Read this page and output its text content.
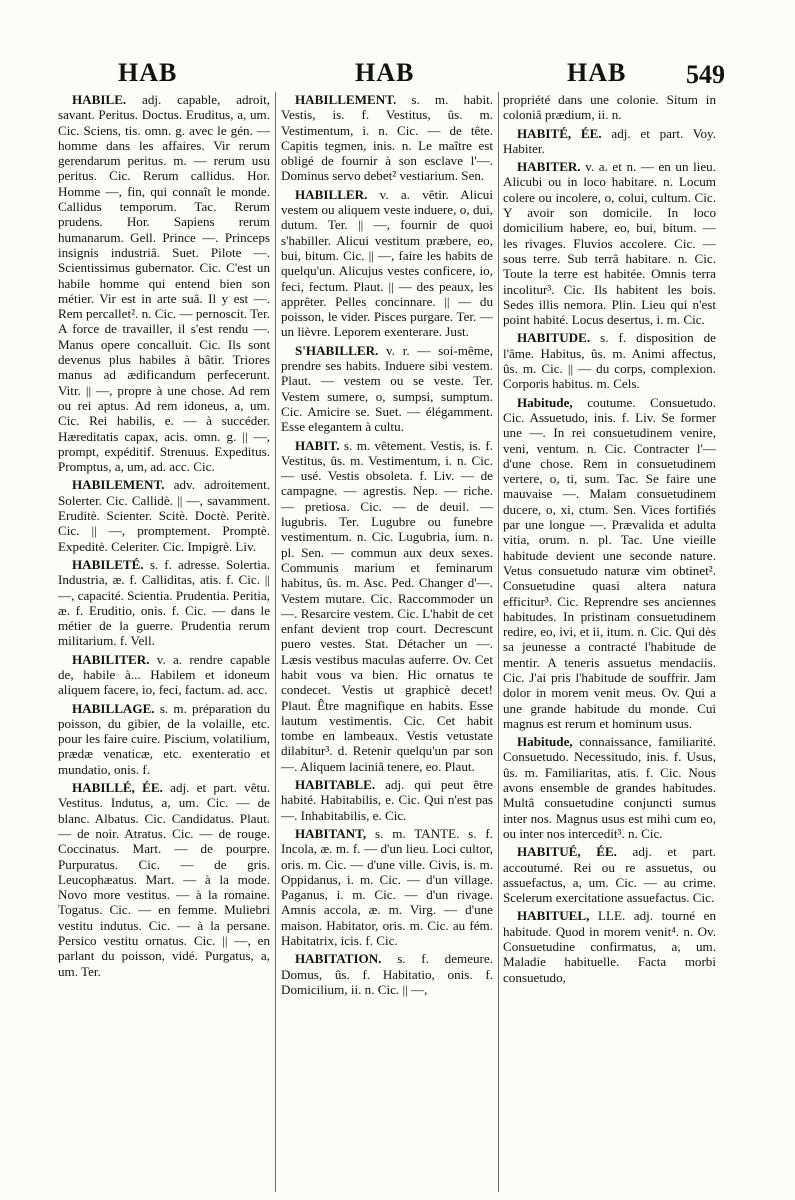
HAB	HAB	HAB 549

HABILE. adj. capable, adroit, savant. Peritus. Doctus. Eruditus, a, um. Cic. Sciens, tis. omn. g. avec le gén. — homme dans les affaires. Vir rerum gerendarum peritus. m. — rerum usu peritus. Cic. Rerum callidus. Hor. Homme —, fin, qui connaît le monde. Callidus temporum. Tac. Rerum prudens. Hor. Sapiens rerum humanarum. Gell. Prince —. Princeps insignis industriâ. Suet. Pilote —. Scientissimus gubernator. Cic. C'est un habile homme qui entend bien son métier. Vir est in arte suâ. Il y est —. Rem percallet². n. Cic. — pernoscit. Ter. A force de travailler, il s'est rendu —. Manus opere concalluit. Cic. Ils sont devenus plus habiles à bâtir. Triores manus ad ædificandum perfecerunt. Vitr. || —, propre à une chose. Ad rem ou rei aptus. Ad rem idoneus, a, um. Cic. Rei habilis, e. — à succéder. Hæreditatis capax, acis. omn. g. || —, prompt, expéditif. Strenuus. Expeditus. Promptus, a, um, ad. acc. Cic.

HABILEMENT. adv. adroitement. Solerter. Cic. Callidè. || —, savamment. Eruditè. Scienter. Scitè. Doctè. Peritè. Cic. || —, promptement. Promptè. Expeditè. Celeriter. Cic. Impigrè. Liv.

HABILETÉ. s. f. adresse. Solertia. Industria, æ. f. Calliditas, atis. f. Cic. || —, capacité. Scientia. Prudentia. Peritia, æ. f. Eruditio, onis. f. Cic. — dans le métier de la guerre. Prudentia rerum militarium. f. Vell.

HABILITER. v. a. rendre capable de, habile à... Habilem et idoneum aliquem facere, io, feci, factum. ad. acc.

HABILLAGE. s. m. préparation du poisson, du gibier, de la volaille, etc. pour les faire cuire. Piscium, volatilium, prædæ venaticæ, etc. exenteratio et mundatio, onis. f.

HABILLÉ, ÉE. adj. et part. vêtu. Vestitus. Indutus, a, um. Cic. — de blanc. Albatus. Cic. Candidatus. Plaut. — de noir. Atratus. Cic. — de rouge. Coccinatus. Mart. — de pourpre. Purpuratus. Cic. — de gris. Leucophæatus. Mart. — à la mode. Novo more vestitus. — à la romaine. Togatus. Cic. — en femme. Muliebri vestitu indutus. Cic. — à la persane. Persico vestitu ornatus. Cic. || —, en parlant du poisson, vidé. Purgatus, a, um. Ter.

HABILLEMENT. s. m. habit. Vestis, is. f. Vestitus, ûs. m. Vestimentum, i. n. Cic. — de tête. Capitis tegmen, inis. n. Le maître est obligé de fournir à son esclave l'—. Dominus servo debet² vestiarium. Sen.

HABILLER. v. a. vêtir. Alicui vestem ou aliquem veste induere, o, dui, dutum. Ter. || —, fournir de quoi s'habiller. Alicui vestitum præbere, eo, bui, bitum. Cic. || —, faire les habits de quelqu'un. Alicujus vestes conficere, io, feci, fectum. Plaut. || — des peaux, les apprêter. Pelles concinnare. || — du poisson, le vider. Pisces purgare. Ter. — un lièvre. Leporem exenterare. Just.

S'HABILLER. v. r. — soi-même, prendre ses habits. Induere sibi vestem. Plaut. — vestem ou se veste. Ter. Vestem sumere, o, sumpsi, sumptum. Cic. Amicire se. Suet. — élégamment. Esse elegantem à cultu.

HABIT. s. m. vêtement. Vestis, is. f. Vestitus, ûs. m. Vestimentum, i. n. Cic. — usé. Vestis obsoleta. f. Liv. — de campagne. — agrestis. Nep. — riche. — pretiosa. Cic. — de deuil. — lugubris. Ter. Lugubre ou funebre vestimentum. n. Cic. Lugubria, ium. n. pl. Sen. — commun aux deux sexes. Communis marium et feminarum habitus, ûs. m. Asc. Ped. Changer d'—. Vestem mutare. Cic. Raccommoder un —. Resarcire vestem. Cic. L'habit de cet enfant devient trop court. Decrescunt puero vestes. Stat. Détacher un —. Læsis vestibus maculas auferre. Ov. Cet habit vous va bien. Hic ornatus te condecet. Vestis ut graphicè decet! Plaut. Être magnifique en habits. Esse lautum vestimentis. Cic. Cet habit tombe en lambeaux. Vestis vetustate dilabitur³. d. Retenir quelqu'un par son —. Aliquem laciniâ tenere, eo. Plaut.

HABITABLE. adj. qui peut être habité. Habitabilis, e. Cic. Qui n'est pas —. Inhabitabilis, e. Cic.

HABITANT, s. m. TANTE. s. f. Incola, æ. m. f. — d'un lieu. Loci cultor, oris. m. Cic. — d'une ville. Civis, is. m. Oppidanus, i. m. Cic. — d'un village. Paganus, i. m. Cic. — d'un rivage. Amnis accola, æ. m. Virg. — d'une maison. Habitator, oris. m. Cic. au fém. Habitatrix, icis. f. Cic.

HABITATION. s. f. demeure. Domus, ûs. f. Habitatio, onis. f. Domicilium, ii. n. Cic. || —,

propriété dans une colonie. Situm in coloniâ prædium, ii. n.

HABITÉ, ÉE. adj. et part. Voy. Habiter.

HABITER. v. a. et n. — en un lieu. Alicubi ou in loco habitare. n. Locum colere ou incolere, o, colui, cultum. Cic. Y avoir son domicile. In loco domicilium habere, eo, bui, bitum. — les rivages. Fluvios accolere. Cic. — sous terre. Sub terrâ habitare. n. Cic. Toute la terre est habitée. Omnis terra incolitur³. Cic. Ils habitent les bois. Sedes illis nemora. Plin. Lieu qui n'est point habité. Locus desertus, i. m. Cic.

HABITUDE. s. f. disposition de l'âme. Habitus, ûs. m. Animi affectus, ûs. m. Cic. || — du corps, complexion. Corporis habitus. m. Cels.

Habitude, coutume. Consuetudo. Cic. Assuetudo, inis. f. Liv. Se former une —. In rei consuetudinem venire, veni, ventum. n. Cic. Contracter l'— d'une chose. Rem in consuetudinem vertere, o, ti, sum. Tac. Se faire une mauvaise —. Malam consuetudinem ducere, o, xi, ctum. Sen. Vices fortifiés par une longue —. Prævalida et adulta vitia, orum. n. pl. Tac. Une vieille habitude devient une seconde nature. Vetus consuetudo naturæ vim obtinet². Consuetudine quasi altera natura efficitur³. Cic. Reprendre ses anciennes habitudes. In pristinam consuetudinem redire, eo, ivi, et ii, itum. n. Cic. Qui dès sa jeunesse a contracté l'habitude de mentir. A teneris assuetus mendaciis. Cic. J'ai pris l'habitude de souffrir. Jam dolor in morem venit meus. Ov. Qui a une grande habitude du monde. Cui magnus est rerum et hominum usus.

Habitude, connaissance, familiarité. Consuetudo. Necessitudo, inis. f. Usus, ûs. m. Familiaritas, atis. f. Cic. Nous avons ensemble de grandes habitudes. Multâ consuetudine conjuncti sumus inter nos. Magnus usus est mihi cum eo, ou inter nos intercedit³. n. Cic.

HABITUÉ, ÉE. adj. et part. accoutumé. Rei ou re assuetus, ou assuefactus, a, um. Cic. — au crime. Scelerum exercitatione assuefactus. Cic.

HABITUEL, LLE. adj. tourné en habitude. Quod in morem venit⁴. n. Ov. Consuetudine confirmatus, a, um. Maladie habituelle. Facta morbi consuetudo,
